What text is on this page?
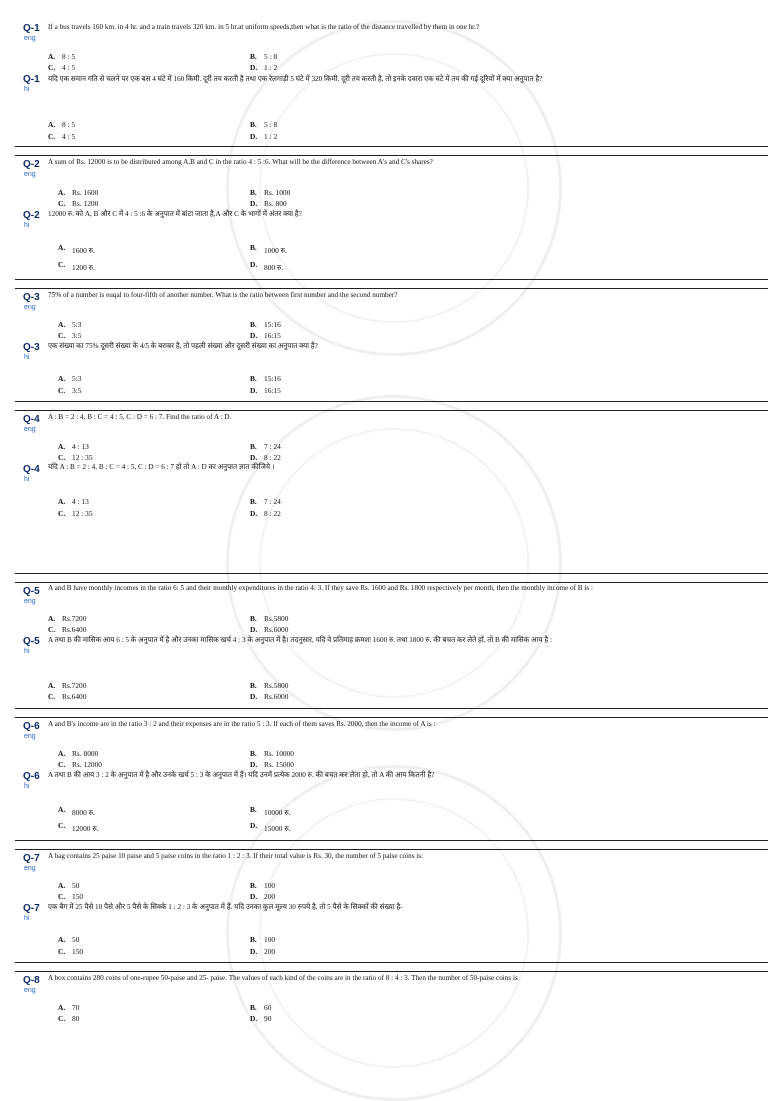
Q-1
eng
If a bus travels 160 km. in 4 hr. and a train travels 320 km. in 5 hr.at uniform speeds,then what is the ratio of the distance travelled by them in one hr.?
A. 8 : 5	B. 5 : 8
C. 4 : 5	D. 1 : 2
Q-1
hi
यदि एक समान गति से चलने पर एक बस 4 घंटे में 160 किमी. दूरी तय करती है तथा एक रेलगाड़ी 5 घंटे में 320 किमी. दूरी तय करती है, तो इनके दवारा एक घंटे में तय की गई दूरियों में क्या अनुपात है?
A. 8 : 5	B. 5 : 8
C. 4 : 5	D. 1 : 2
Q-2
eng
A sum of Rs. 12000 is to be distributed among A,B and C in the ratio 4 : 5 :6. What will be the difference between A's and C's shares?
A. Rs. 1600	B. Rs. 1000
C. Rs. 1200	D. Rs. 800
Q-2
hi
12000 रु. को A, B और C में 4 : 5 :6 के अनुपात में बांटा जाता है,A और C के भागों में अंतर क्या है?
A. 1600 रु.	B. 1000 रु.
C. 1200 रु.	D. 800 रु.
Q-3
eng
75% of a number is euqal to four-fifth of another number. What is the ratio between first number and the second number?
A. 5:3	B. 15:16
C. 3:5	D. 16:15
Q-3
hi
एक संख्या का 75% दूसरी संख्या के 4/5 के बराबर है, तो पहली संख्या और दूसरी संख्या का अनुपात क्या है?
A. 5:3	B. 15:16
C. 3:5	D. 16:15
Q-4
eng
A : B = 2 : 4, B : C = 4 : 5, C : D = 6 : 7. Find the ratio of A : D.
A. 4 : 13	B. 7 : 24
C. 12 : 35	D. 8 : 22
Q-4
hi
यदि A : B = 2 : 4, B : C = 4 : 5, C : D = 6 : 7 हो तो A : D का अनुपात ज्ञात कीजिये ।
A. 4 : 13	B. 7 : 24
C. 12 : 35	D. 8 : 22
Q-5
eng
A and B have monthly incomes in the ratio 6: 5 and their monthly expenditures in the ratio 4: 3. If they save Rs. 1600 and Rs. 1800 respectively per month, then the monthly income of B is :
A. Rs.7200	B. Rs.5800
C. Rs.6400	D. Rs.6000
Q-5
hi
A तथा B की मासिक आय 6 : 5 के अनुपात में है और उनका मासिक खर्च 4 : 3 के अनुपात में है। तदनुसार, यदि वे प्रतिमाह क्रमशः 1600 रु. तथा 1800 रु. की बचत कर लेते हों, तो B की मासिक आय है :
A. Rs.7200	B. Rs.5800
C. Rs.6400	D. Rs.6000
Q-6
eng
A and B's income are in the ratio 3 : 2 and their expenses are in the ratio 5 : 3. If each of them saves Rs. 2000, then the income of A is :
A. Rs. 8000	B. Rs. 10000
C. Rs. 12000	D. Rs. 15000
Q-6
hi
A तथा B की आय 3 : 2 के अनुपात में है और उनके खर्च 5 : 3 के अनुपात में हैं। यदि उनमें प्रत्येक 2000 रु. की बचत कर लेता हो, तो A की आय कितनी है?
A. 8000 रु.	B. 10000 रु.
C. 12000 रु.	D. 15000 रु.
Q-7
eng
A bag contains 25 paise 10 paise and 5 paise coins in the ratio 1 : 2 : 3. If their total value is Rs. 30, the number of 5 paise coins is:
A. 50	B. 100
C. 150	D. 200
Q-7
hi
एक बैग में 25 पैसे 10 पैसे और 5 पैसे के सिक्के 1 : 2 : 3 के अनुपात में हैं. यदि उनका कुल मूल्य 30 रुपये है, तो 5 पैसे के सिक्कों की संख्या है-
A. 50	B. 100
C. 150	D. 200
Q-8
eng
A box contains 280 coins of one-rupee 50-paise and 25- paise. The values of each kind of the coins are in the ratio of 8 : 4 : 3. Then the number of 50-paise coins is
A. 70	B. 60
C. 80	D. 90
